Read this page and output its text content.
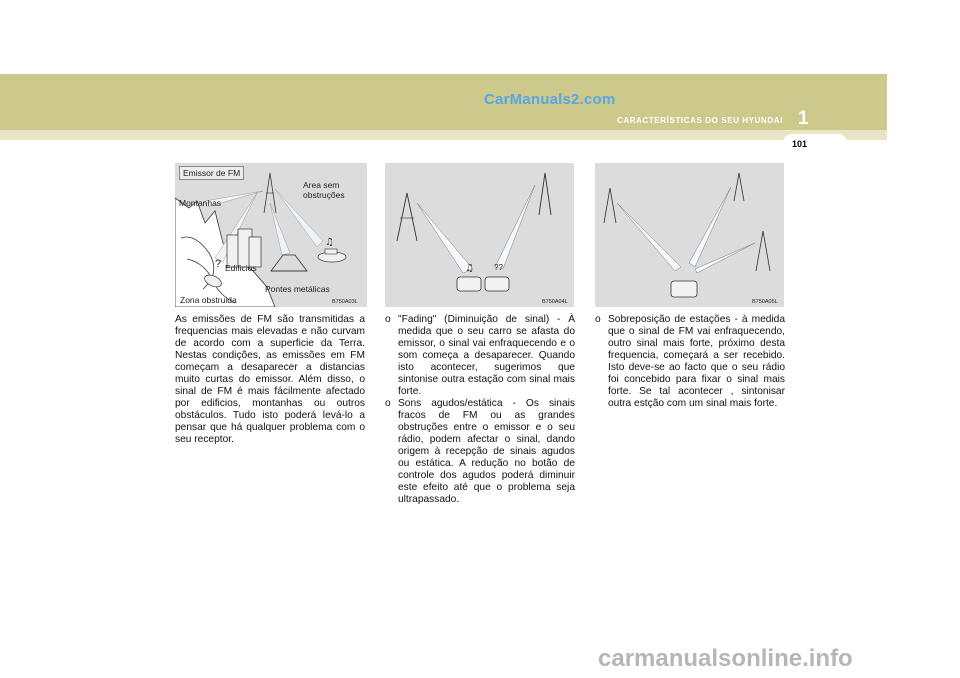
CarManuals2.com
CARACTERÍSTICAS DO SEU HYUNDAI 1
101
♫
Emissor de FM
Montanhas
Area sem
obstruções
? Edificios
Pontes metálicas
Zona obstruida	B750A03L
♫	??
B750A04L	B750A05L
As emissões de FM são transmitidas a frequencias mais elevadas e não curvam de acordo com a superficie da Terra. Nestas condições, as emissões em FM começam a desaparecer a distancias muito curtas do emissor. Além disso, o sinal de FM é mais fácilmente afectado por edificios, montanhas ou outros obstáculos. Tudo isto poderá levá-lo a pensar que há qualquer problema com o seu receptor.
o "Fading" (Diminuição de sinal) - À medida que o seu carro se afasta do emissor, o sinal vai enfraquecendo e o som começa a desaparecer. Quando isto acontecer, sugerimos que sintonise outra estação com sinal mais forte.
o Sons agudos/estática - Os sinais fracos de FM ou as grandes obstruções entre o emissor e o seu rádio, podem afectar o sinal, dando origem à recepção de sinais agudos ou estática. A redução no botão de controle dos agudos poderá diminuir este efeito até que o problema seja ultrapassado.
o Sobreposição de estações - à medida que o sinal de FM vai enfraquecendo, outro sinal mais forte, próximo desta frequencia, começará a ser recebido. Isto deve-se ao facto que o seu rádio foi concebido para fixar o sinal mais forte. Se tal acontecer , sintonisar outra estção com um sinal mais forte.
carmanualsonline.info
